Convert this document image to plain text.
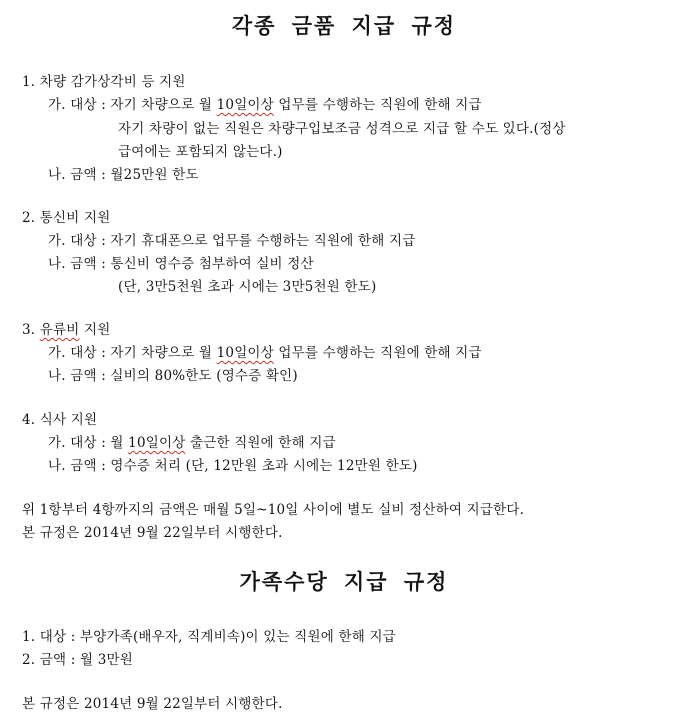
각종 금품 지급 규정
1. 차량 감가상각비 등 지원
가. 대상 : 자기 차량으로 월 10일이상 업무를 수행하는 직원에 한해 지급
자기 차량이 없는 직원은 차량구입보조금 성격으로 지급 할 수도 있다.(정상
급여에는 포함되지 않는다.)
나. 금액 : 월25만원 한도
2. 통신비 지원
가. 대상 : 자기 휴대폰으로 업무를 수행하는 직원에 한해 지급
나. 금액 : 통신비 영수증 첨부하여 실비 정산
(단, 3만5천원 초과 시에는 3만5천원 한도)
3. 유류비 지원
가. 대상 : 자기 차량으로 월 10일이상 업무를 수행하는 직원에 한해 지급
나. 금액 : 실비의 80%한도 (영수증 확인)
4. 식사 지원
가. 대상 : 월 10일이상 출근한 직원에 한해 지급
나. 금액 : 영수증 처리 (단, 12만원 초과 시에는 12만원 한도)
위 1항부터 4항까지의 금액은 매월 5일~10일 사이에 별도 실비 정산하여 지급한다.
본 규정은 2014년 9월 22일부터 시행한다.
가족수당 지급 규정
1. 대상 : 부양가족(배우자, 직계비속)이 있는 직원에 한해 지급
2. 금액 : 월 3만원
본 규정은 2014년 9월 22일부터 시행한다.
